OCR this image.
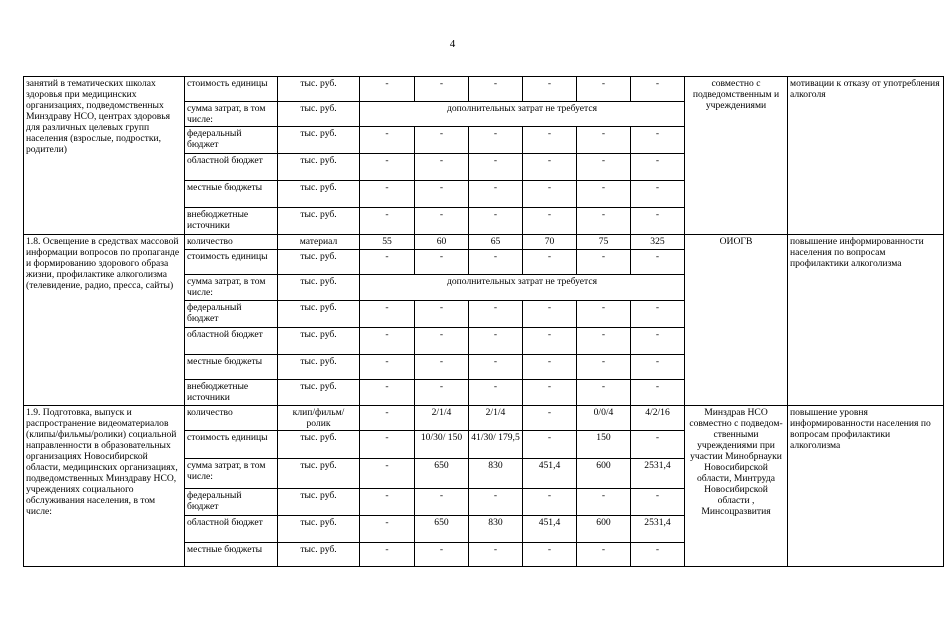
4
занятий в тематических школах здоровья при медицинских организациях, подведомственных Минздраву НСО, центрах здоровья для различных целевых групп населения (взрослые, подростки, родители)	стоимость единицы	тыс. руб.	-	-	-	-	-	-	совместно с подведомственным и учреждениями	мотивации к отказу от употребления алкоголя
	сумма затрат, в том числе:	тыс. руб.	дополнительных затрат не требуется							
	федеральный бюджет	тыс. руб.	-	-	-	-	-	-		
	областной бюджет	тыс. руб.	-	-	-	-	-	-		
	местные бюджеты	тыс. руб.	-	-	-	-	-	-		
	внебюджетные источники	тыс. руб.	-	-	-	-	-	-		
1.8. Освещение в средствах массовой информации вопросов по пропаганде и формированию здорового образа жизни, профилактике алкоголизма (телевидение, радио, пресса, сайты)	количество	материал	55	60	65	70	75	325	ОИОГВ	повышение информированности населения по вопросам профилактики алкоголизма
	стоимость единицы	тыс. руб.	-	-	-	-	-	-		
	сумма затрат, в том числе:	тыс. руб.	дополнительных затрат не требуется							
	федеральный бюджет	тыс. руб.	-	-	-	-	-	-		
	областной бюджет	тыс. руб.	-	-	-	-	-	-		
	местные бюджеты	тыс. руб.	-	-	-	-	-	-		
	внебюджетные источники	тыс. руб.	-	-	-	-	-	-		
1.9. Подготовка, выпуск и распространение видеоматериалов (клипы/фильмы/ролики) социальной направленности в образовательных организациях Новосибирской области, медицинских организациях, подведомственных Минздраву НСО, учреждениях социального обслуживания населения, в том числе:	количество	клип/фильм/ ролик	-	2/1/4	2/1/4	-	0/0/4	4/2/16	Минздрав НСО совместно с подведом- ственными учреждениями при участии Минобрнауки Новосибирской области, Минтруда Новосибирской области , Минсоцразвития	повышение уровня информированности населения по вопросам профилактики алкоголизма
	стоимость единицы	тыс. руб.	-	10/30/ 150	41/30/ 179,5	-	150	-		
	сумма затрат, в том числе:	тыс. руб.	-	650	830	451,4	600	2531,4		
	федеральный бюджет	тыс. руб.	-	-	-	-	-	-		
	областной бюджет	тыс. руб.	-	650	830	451,4	600	2531,4		
	местные бюджеты	тыс. руб.	-	-	-	-	-	-		
